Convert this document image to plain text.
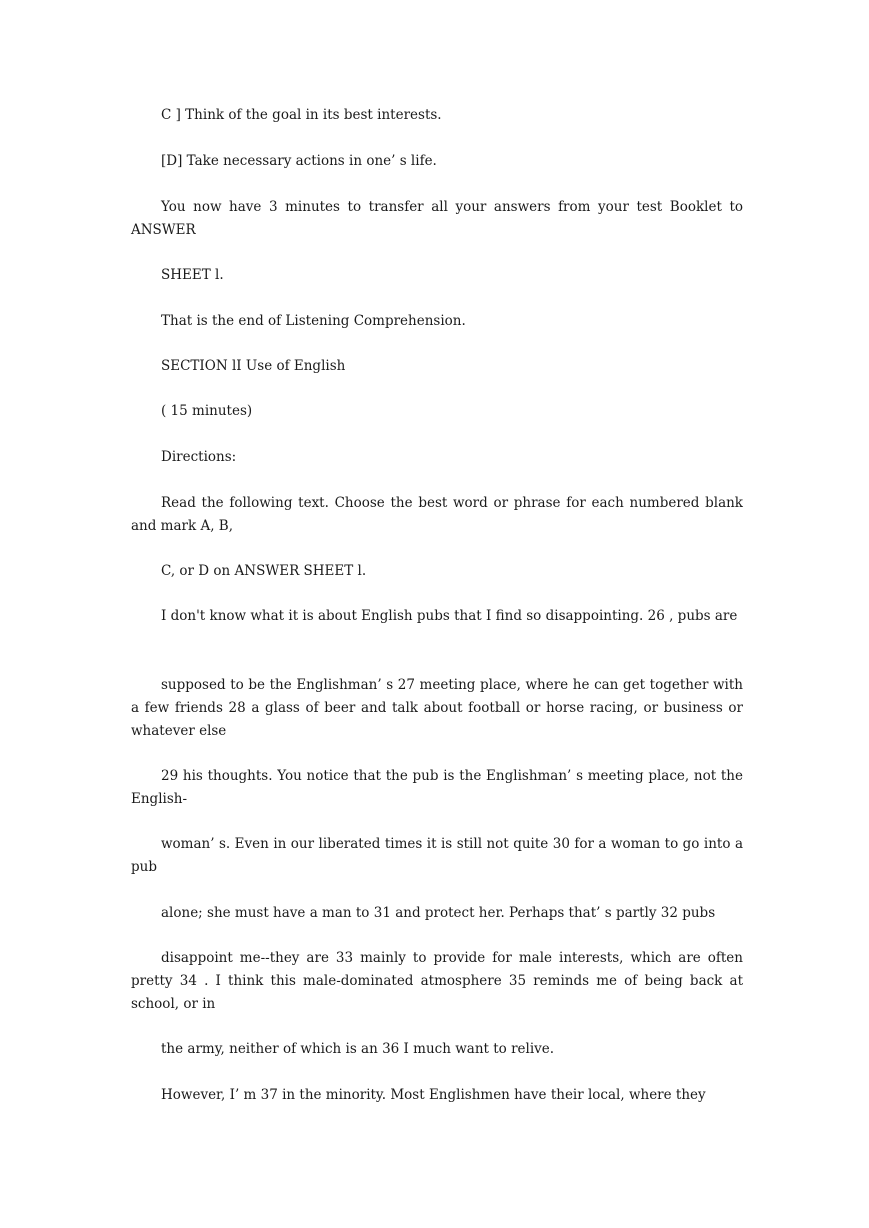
C ] Think of the goal in its best interests.

[D] Take necessary actions in one’ s life.

You now have 3 minutes to transfer all your answers from your test Booklet to ANSWER

SHEET l.

That is the end of Listening Comprehension.

SECTION lI Use of English

( 15 minutes)

Directions:

Read the following text. Choose the best word or phrase for each numbered blank and mark A, B,

C, or D on ANSWER SHEET l.

I don't know what it is about English pubs that I find so disappointing. 26 , pubs are

supposed to be the Englishman’ s 27 meeting place, where he can get together with a few friends 28 a glass of beer and talk about football or horse racing, or business or whatever else

29 his thoughts. You notice that the pub is the Englishman’ s meeting place, not the English-

woman’ s. Even in our liberated times it is still not quite 30 for a woman to go into a pub

alone; she must have a man to 31 and protect her. Perhaps that’ s partly 32 pubs

disappoint me--they are 33 mainly to provide for male interests, which are often pretty 34 . I think this male-dominated atmosphere 35 reminds me of being back at school, or in

the army, neither of which is an 36 I much want to relive.

However, I’ m 37 in the minority. Most Englishmen have their local, where they
